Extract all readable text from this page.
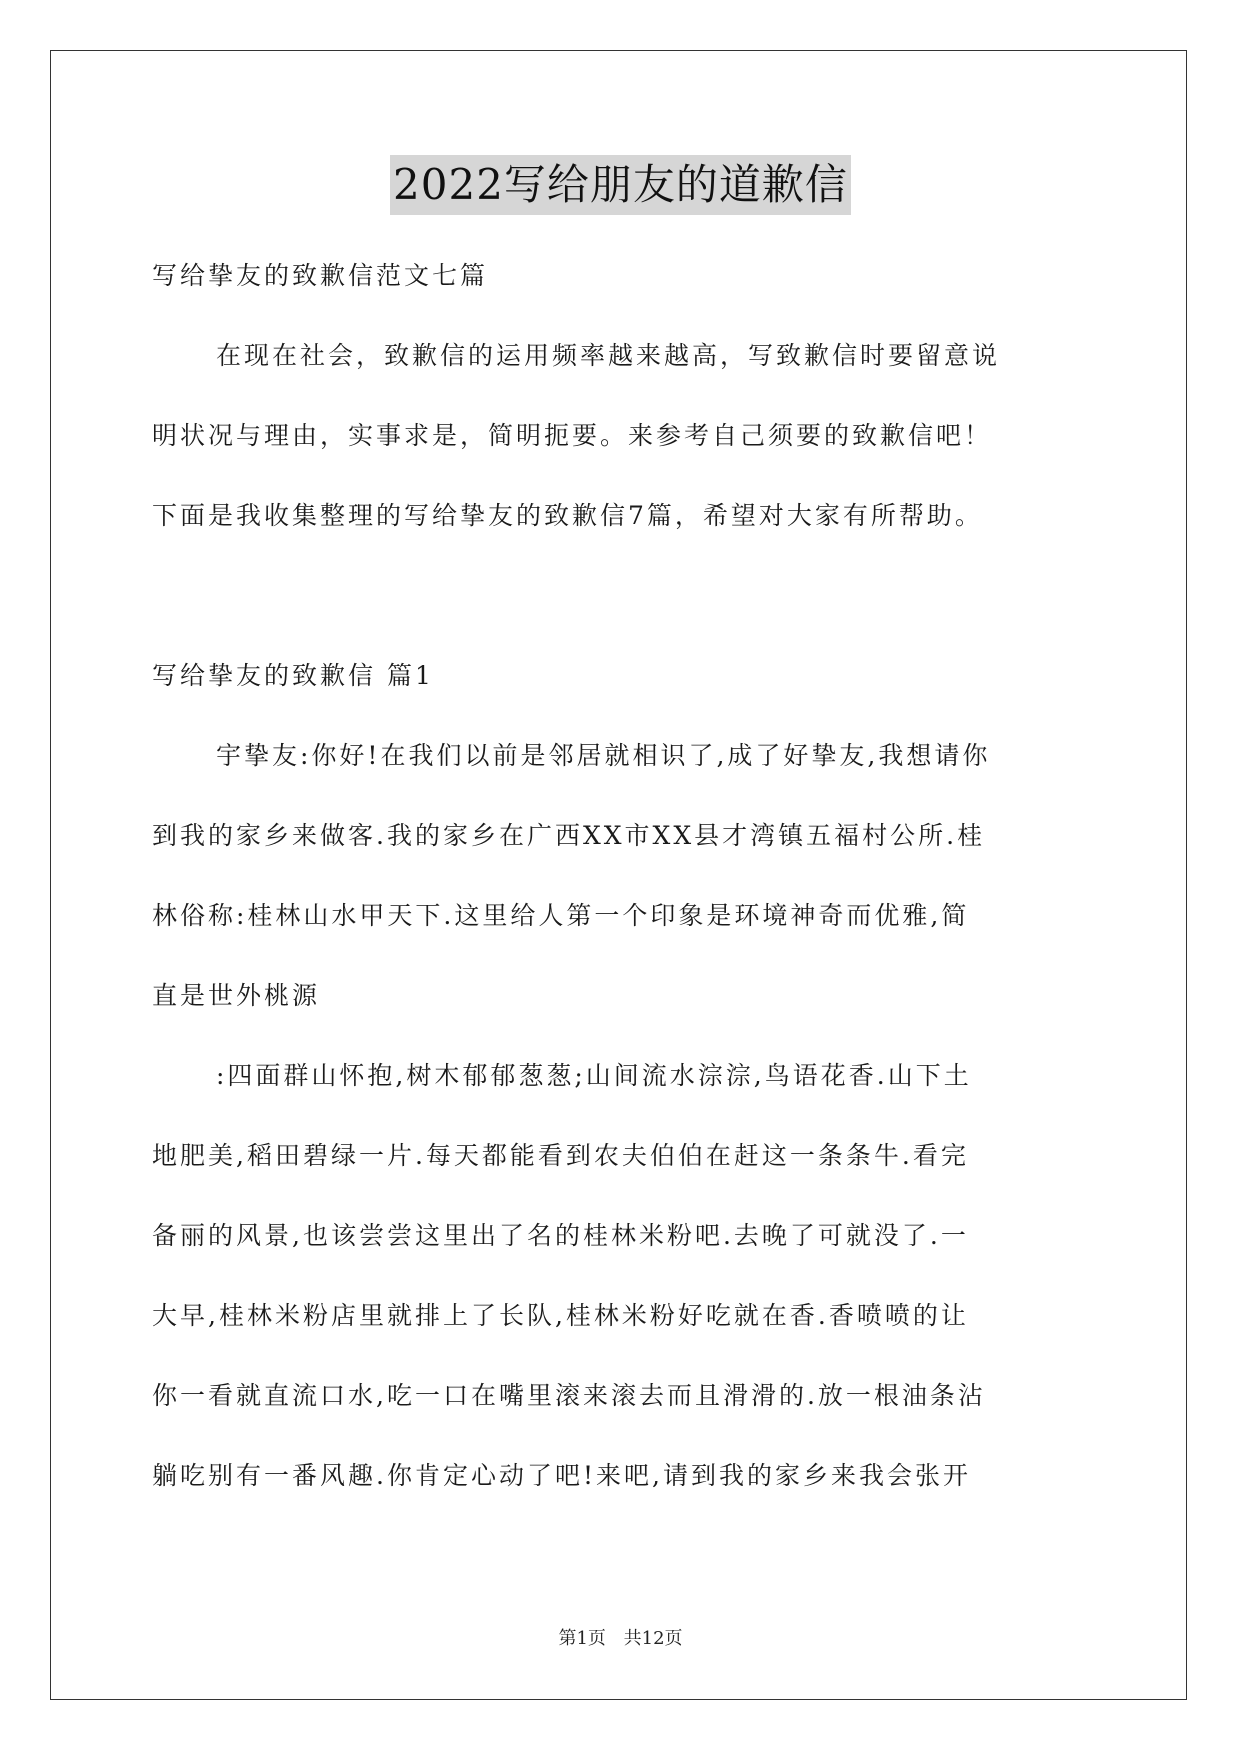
2022写给朋友的道歉信
写给挚友的致歉信范文七篇
在现在社会，致歉信的运用频率越来越高，写致歉信时要留意说
明状况与理由，实事求是，简明扼要。来参考自己须要的致歉信吧！
下面是我收集整理的写给挚友的致歉信7篇，希望对大家有所帮助。
写给挚友的致歉信 篇1
宇挚友:你好!在我们以前是邻居就相识了,成了好挚友,我想请你
到我的家乡来做客.我的家乡在广西XX市XX县才湾镇五福村公所.桂
林俗称:桂林山水甲天下.这里给人第一个印象是环境神奇而优雅,简
直是世外桃源
:四面群山怀抱,树木郁郁葱葱;山间流水淙淙,鸟语花香.山下土
地肥美,稻田碧绿一片.每天都能看到农夫伯伯在赶这一条条牛.看完
备丽的风景,也该尝尝这里出了名的桂林米粉吧.去晚了可就没了.一
大早,桂林米粉店里就排上了长队,桂林米粉好吃就在香.香喷喷的让
你一看就直流口水,吃一口在嘴里滚来滚去而且滑滑的.放一根油条沾
躺吃别有一番风趣.你肯定心动了吧!来吧,请到我的家乡来我会张开
第1页 共12页
